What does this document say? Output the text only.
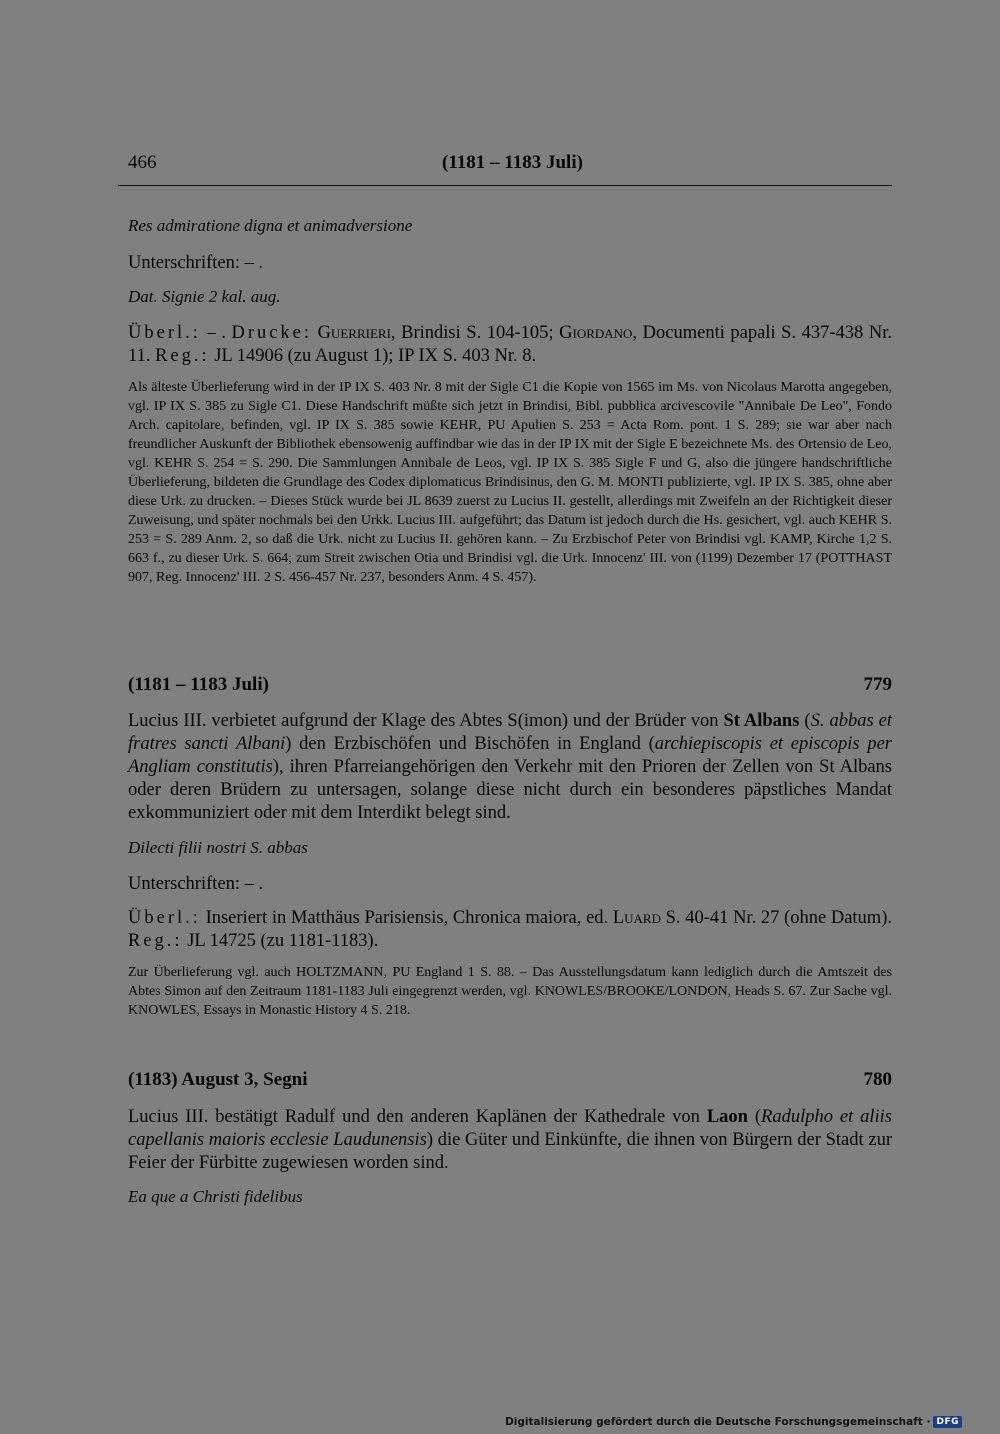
466	(1181 – 1183 Juli)
Res admiratione digna et animadversione
Unterschriften: – .
Dat. Signie 2 kal. aug.
Überl.: – . Drucke: Guerrieri, Brindisi S. 104-105; Giordano, Documenti papali S. 437-438 Nr. 11. Reg.: JL 14906 (zu August 1); IP IX S. 403 Nr. 8.
Als älteste Überlieferung wird in der IP IX S. 403 Nr. 8 mit der Sigle C1 die Kopie von 1565 im Ms. von Nicolaus Marotta angegeben, vgl. IP IX S. 385 zu Sigle C1. Diese Handschrift müßte sich jetzt in Brindisi, Bibl. pubblica arcivescovile "Annibale De Leo", Fondo Arch. capitolare, befinden, vgl. IP IX S. 385 sowie KEHR, PU Apulien S. 253 = Acta Rom. pont. 1 S. 289; sie war aber nach freundlicher Auskunft der Bibliothek ebensowenig auffindbar wie das in der IP IX mit der Sigle E bezeichnete Ms. des Ortensio de Leo, vgl. KEHR S. 254 = S. 290. Die Sammlungen Annibale de Leos, vgl. IP IX S. 385 Sigle F und G, also die jüngere handschriftliche Überlieferung, bildeten die Grundlage des Codex diplomaticus Brindisinus, den G. M. MONTI publizierte, vgl. IP IX S. 385, ohne aber diese Urk. zu drucken. – Dieses Stück wurde bei JL 8639 zuerst zu Lucius II. gestellt, allerdings mit Zweifeln an der Richtigkeit dieser Zuweisung, und später nochmals bei den Urkk. Lucius III. aufgeführt; das Datum ist jedoch durch die Hs. gesichert, vgl. auch KEHR S. 253 = S. 289 Anm. 2, so daß die Urk. nicht zu Lucius II. gehören kann. – Zu Erzbischof Peter von Brindisi vgl. KAMP, Kirche 1,2 S. 663 f., zu dieser Urk. S. 664; zum Streit zwischen Otia und Brindisi vgl. die Urk. Innocenz' III. von (1199) Dezember 17 (POTTHAST 907, Reg. Innocenz' III. 2 S. 456-457 Nr. 237, besonders Anm. 4 S. 457).
(1181 – 1183 Juli)	779
Lucius III. verbietet aufgrund der Klage des Abtes S(imon) und der Brüder von St Albans (S. abbas et fratres sancti Albani) den Erzbischöfen und Bischöfen in England (archiepiscopis et episcopis per Angliam constitutis), ihren Pfarreiangehörigen den Verkehr mit den Prioren der Zellen von St Albans oder deren Brüdern zu untersagen, solange diese nicht durch ein besonderes päpstliches Mandat exkommuniziert oder mit dem Interdikt belegt sind.
Dilecti filii nostri S. abbas
Unterschriften: – .
Überl.: Inseriert in Matthäus Parisiensis, Chronica maiora, ed. Luard S. 40-41 Nr. 27 (ohne Datum). Reg.: JL 14725 (zu 1181-1183).
Zur Überlieferung vgl. auch HOLTZMANN, PU England 1 S. 88. – Das Ausstellungsdatum kann lediglich durch die Amtszeit des Abtes Simon auf den Zeitraum 1181-1183 Juli eingegrenzt werden, vgl. KNOWLES/BROOKE/LONDON, Heads S. 67. Zur Sache vgl. KNOWLES, Essays in Monastic History 4 S. 218.
(1183) August 3, Segni	780
Lucius III. bestätigt Radulf und den anderen Kaplänen der Kathedrale von Laon (Radulpho et aliis capellanis maioris ecclesie Laudunensis) die Güter und Einkünfte, die ihnen von Bürgern der Stadt zur Feier der Fürbitte zugewiesen worden sind.
Ea que a Christi fidelibus
Digitalisierung gefördert durch die Deutsche Forschungsgemeinschaft · DFG
